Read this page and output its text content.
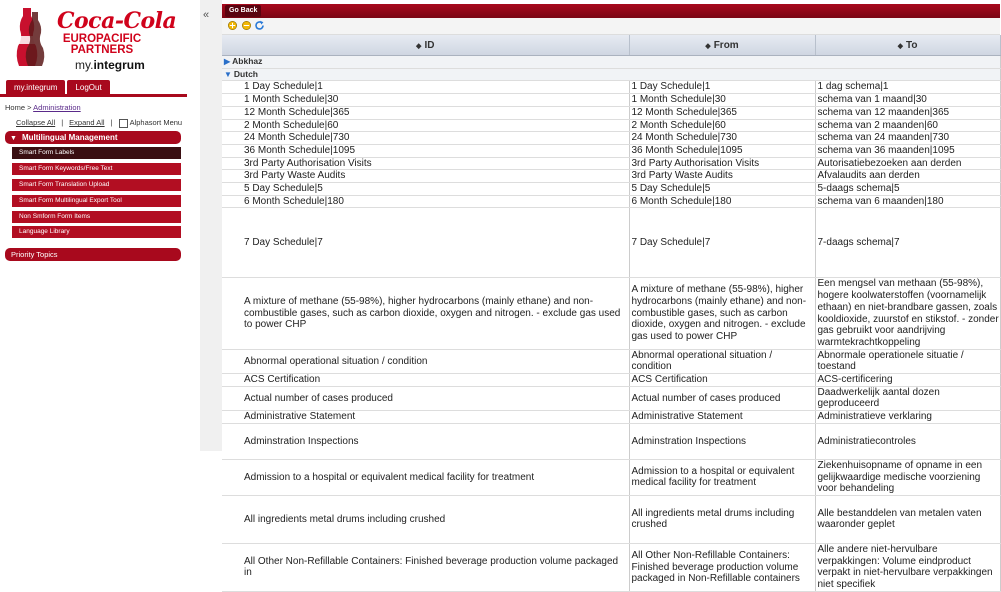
Coca-Cola
EUROPACIFIC PARTNERS
my.integrum
my.integrum	LogOut
Home > Administration
Collapse All | Expand All |	Alphasort Menu
▼ Multilingual Management
Smart Form Labels
Smart Form Keywords/Free Text
Smart Form Translation Upload
Smart Form Multilingual Export Tool
Non Smform Form Items
Language Library
Priority Topics
«	Go Back
◆ ID	◆ From	◆ To
▶ Abkhaz		
▼ Dutch		
1 Day Schedule|1	1 Day Schedule|1	1 dag schema|1
1 Month Schedule|30	1 Month Schedule|30	schema van 1 maand|30
12 Month Schedule|365	12 Month Schedule|365	schema van 12 maanden|365
2 Month Schedule|60	2 Month Schedule|60	schema van 2 maanden|60
24 Month Schedule|730	24 Month Schedule|730	schema van 24 maanden|730
36 Month Schedule|1095	36 Month Schedule|1095	schema van 36 maanden|1095
3rd Party Authorisation Visits	3rd Party Authorisation Visits	Autorisatiebezoeken aan derden
3rd Party Waste Audits	3rd Party Waste Audits	Afvalaudits aan derden
5 Day Schedule|5	5 Day Schedule|5	5-daags schema|5
6 Month Schedule|180	6 Month Schedule|180	schema van 6 maanden|180
7 Day Schedule|7	7 Day Schedule|7	7-daags schema|7
A mixture of methane (55-98%), higher hydrocarbons (mainly ethane) and non-combustible gases, such as carbon dioxide, oxygen and nitrogen. - exclude gas used to power CHP	A mixture of methane (55-98%), higher hydrocarbons (mainly ethane) and non-combustible gases, such as carbon dioxide, oxygen and nitrogen. - exclude gas used to power CHP	Een mengsel van methaan (55-98%), hogere koolwaterstoffen (voornamelijk ethaan) en niet-brandbare gassen, zoals kooldioxide, zuurstof en stikstof. - zonder gas gebruikt voor aandrijving warmtekrachtkoppeling
Abnormal operational situation / condition	Abnormal operational situation / condition	Abnormale operationele situatie / toestand
ACS Certification	ACS Certification	ACS-certificering
Actual number of cases produced	Actual number of cases produced	Daadwerkelijk aantal dozen geproduceerd
Administrative Statement	Administrative Statement	Administratieve verklaring
Adminstration Inspections	Adminstration Inspections	Administratiecontroles
Admission to a hospital or equivalent medical facility for treatment	Admission to a hospital or equivalent medical facility for treatment	Ziekenhuisopname of opname in een gelijkwaardige medische voorziening voor behandeling
All ingredients metal drums including crushed	All ingredients metal drums including crushed	Alle bestanddelen van metalen vaten waaronder geplet
All Other Non-Refillable Containers: Finished beverage production volume packaged in	All Other Non-Refillable Containers: Finished beverage production volume packaged in Non-Refillable containers	Alle andere niet-hervulbare verpakkingen: Volume eindproduct verpakt in niet-hervulbare verpakkingen niet specifiek
